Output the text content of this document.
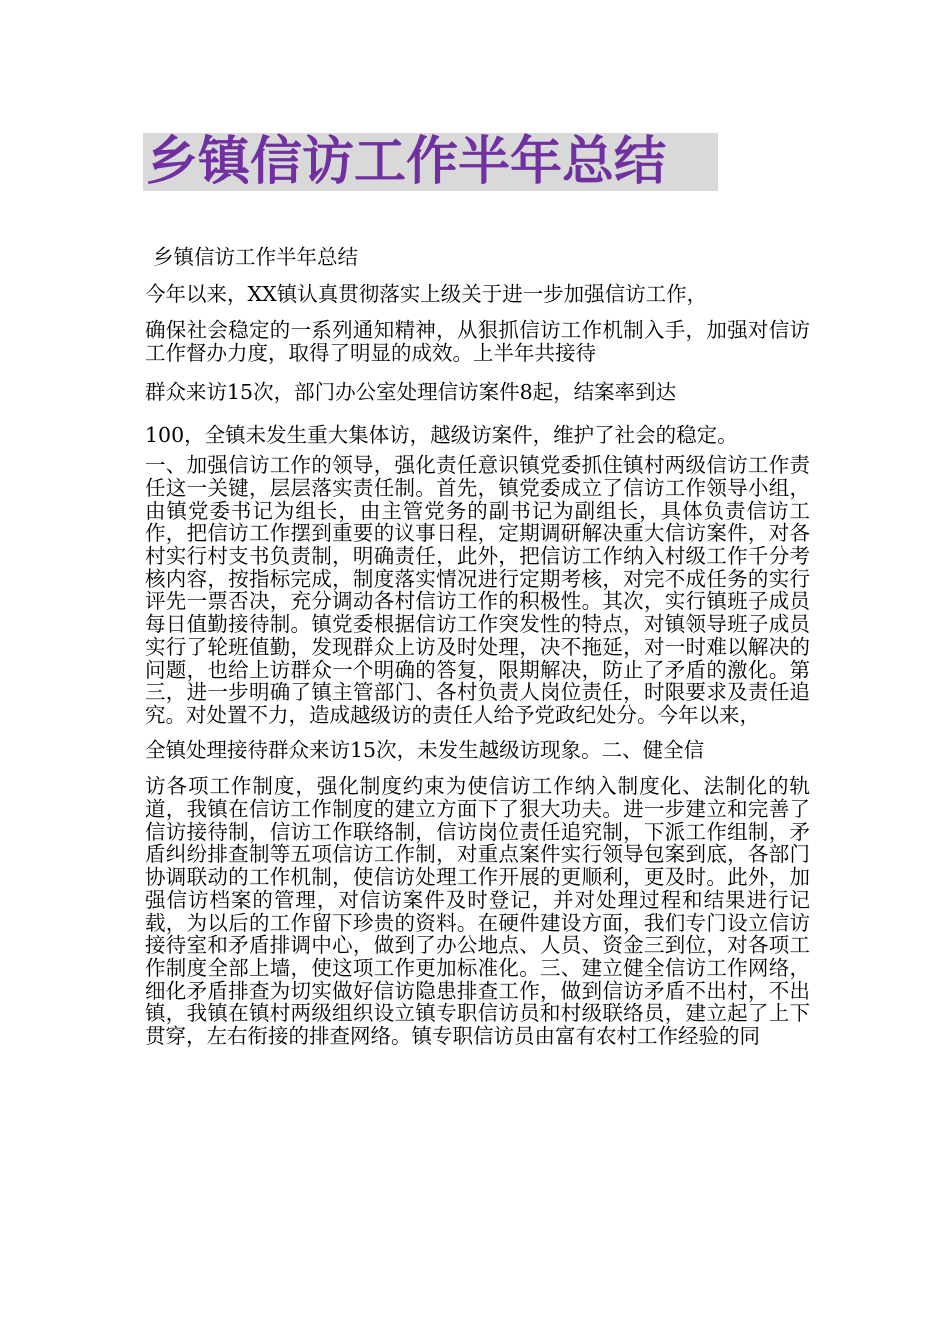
乡镇信访工作半年总结

乡镇信访工作半年总结

今年以来，XX镇认真贯彻落实上级关于进一步加强信访工作，

确保社会稳定的一系列通知精神，从狠抓信访工作机制入手，加强对信访工作督办力度，取得了明显的成效。上半年共接待

群众来访15次，部门办公室处理信访案件8起，结案率到达

100，全镇未发生重大集体访，越级访案件，维护了社会的稳定。

一、加强信访工作的领导，强化责任意识镇党委抓住镇村两级信访工作责任这一关键，层层落实责任制。首先，镇党委成立了信访工作领导小组，由镇党委书记为组长，由主管党务的副书记为副组长，具体负责信访工作，把信访工作摆到重要的议事日程，定期调研解决重大信访案件，对各村实行村支书负责制，明确责任，此外，把信访工作纳入村级工作千分考核内容，按指标完成，制度落实情况进行定期考核，对完不成任务的实行评先一票否决，充分调动各村信访工作的积极性。其次，实行镇班子成员每日值勤接待制。镇党委根据信访工作突发性的特点，对镇领导班子成员实行了轮班值勤，发现群众上访及时处理，决不拖延，对一时难以解决的问题，也给上访群众一个明确的答复，限期解决，防止了矛盾的激化。第三，进一步明确了镇主管部门、各村负责人岗位责任，时限要求及责任追究。对处置不力，造成越级访的责任人给予党政纪处分。今年以来，

全镇处理接待群众来访15次，未发生越级访现象。二、健全信

访各项工作制度，强化制度约束为使信访工作纳入制度化、法制化的轨道，我镇在信访工作制度的建立方面下了狠大功夫。进一步建立和完善了信访接待制，信访工作联络制，信访岗位责任追究制，下派工作组制，矛盾纠纷排查制等五项信访工作制，对重点案件实行领导包案到底，各部门协调联动的工作机制，使信访处理工作开展的更顺利，更及时。此外，加强信访档案的管理，对信访案件及时登记，并对处理过程和结果进行记载，为以后的工作留下珍贵的资料。在硬件建设方面，我们专门设立信访接待室和矛盾排调中心，做到了办公地点、人员、资金三到位，对各项工作制度全部上墙，使这项工作更加标准化。三、建立健全信访工作网络，细化矛盾排查为切实做好信访隐患排查工作，做到信访矛盾不出村，不出镇，我镇在镇村两级组织设立镇专职信访员和村级联络员，建立起了上下贯穿，左右衔接的排查网络。镇专职信访员由富有农村工作经验的同
